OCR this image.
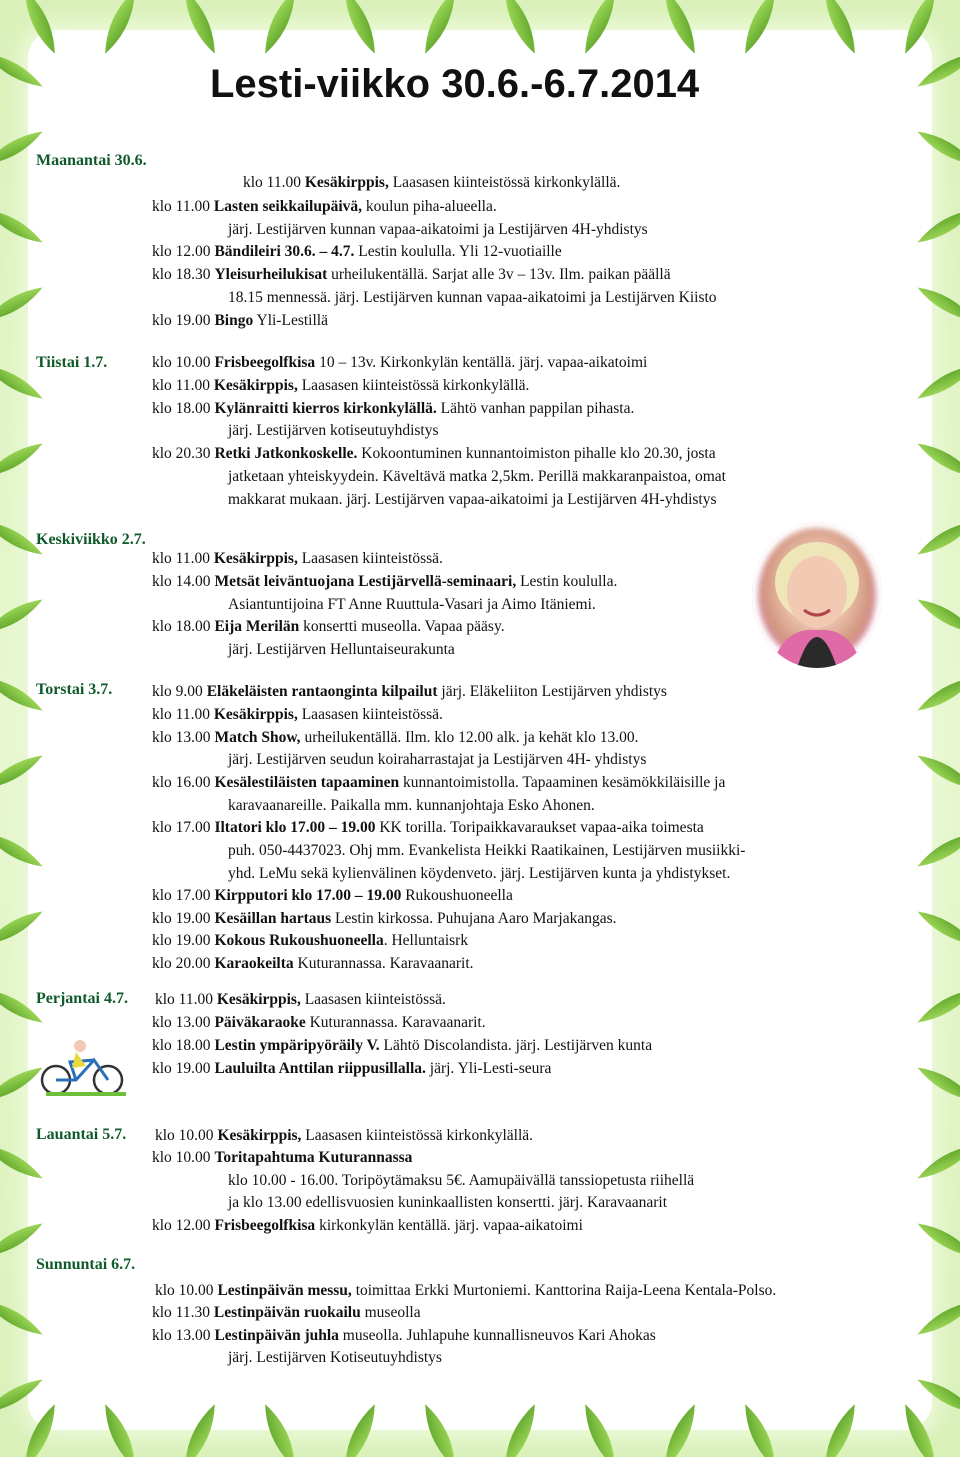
Lesti-viikko 30.6.-6.7.2014
Maanantai 30.6.
Tiistai 1.7.
Keskiviikko 2.7.
Torstai 3.7.
Perjantai 4.7.
Lauantai 5.7.
Sunnuntai 6.7.
klo 11.00 Kesäkirppis, Laasasen kiinteistössä kirkonkylällä.
klo 11.00 Lasten seikkailupäivä, koulun piha-alueella.
järj. Lestijärven kunnan vapaa-aikatoimi ja Lestijärven 4H-yhdistys
klo 12.00 Bändileiri 30.6. – 4.7. Lestin koululla. Yli 12-vuotiaille
klo 18.30 Yleisurheilukisat urheilukentällä. Sarjat alle 3v – 13v. Ilm. paikan päällä
18.15 mennessä. järj. Lestijärven kunnan vapaa-aikatoimi ja Lestijärven Kiisto
klo 19.00 Bingo Yli-Lestillä
klo 10.00 Frisbeegolfkisa 10 – 13v. Kirkonkylän kentällä. järj. vapaa-aikatoimi
klo 11.00 Kesäkirppis, Laasasen kiinteistössä kirkonkylällä.
klo 18.00 Kylänraitti kierros kirkonkylällä. Lähtö vanhan pappilan pihasta.
järj. Lestijärven kotiseutuyhdistys
klo 20.30 Retki Jatkonkoskelle. Kokoontuminen kunnantoimiston pihalle klo 20.30, josta
jatketaan yhteiskyydein. Käveltävä matka 2,5km. Perillä makkaranpaistoa, omat
makkarat mukaan. järj. Lestijärven vapaa-aikatoimi ja Lestijärven 4H-yhdistys
klo 11.00 Kesäkirppis, Laasasen kiinteistössä.
klo 14.00 Metsät leiväntuojana Lestijärvellä-seminaari, Lestin koululla.
Asiantuntijoina FT Anne Ruuttula-Vasari ja Aimo Itäniemi.
klo 18.00 Eija Merilän konsertti museolla. Vapaa pääsy.
järj. Lestijärven Helluntaiseurakunta
klo 9.00 Eläkeläisten rantaonginta kilpailut järj. Eläkeliiton Lestijärven yhdistys
klo 11.00 Kesäkirppis, Laasasen kiinteistössä.
klo 13.00 Match Show, urheilukentällä. Ilm. klo 12.00 alk. ja kehät klo 13.00.
järj. Lestijärven seudun koiraharrastajat ja Lestijärven 4H- yhdistys
klo 16.00 Kesälestiläisten tapaaminen kunnantoimistolla. Tapaaminen kesämökkiläisille ja
karavaanareille. Paikalla mm. kunnanjohtaja Esko Ahonen.
klo 17.00 Iltatori klo 17.00 – 19.00 KK torilla. Toripaikkavaraukset vapaa-aika toimesta
puh. 050-4437023. Ohj mm. Evankelista Heikki Raatikainen, Lestijärven musiikki-
yhd. LeMu sekä kylienvälinen köydenveto. järj. Lestijärven kunta ja yhdistykset.
klo 17.00 Kirpputori klo 17.00 – 19.00 Rukoushuoneella
klo 19.00 Kesäillan hartaus Lestin kirkossa. Puhujana Aaro Marjakangas.
klo 19.00 Kokous Rukoushuoneella. Helluntaisrk
klo 20.00 Karaokeilta Kuturannassa. Karavaanarit.
klo 11.00 Kesäkirppis, Laasasen kiinteistössä.
klo 13.00 Päiväkaraoke Kuturannassa. Karavaanarit.
klo 18.00 Lestin ympäripyöräily V. Lähtö Discolandista. järj. Lestijärven kunta
klo 19.00 Lauluilta Anttilan riippusillalla. järj. Yli-Lesti-seura
klo 10.00 Kesäkirppis, Laasasen kiinteistössä kirkonkylällä.
klo 10.00 Toritapahtuma Kuturannassa
klo 10.00 - 16.00. Toripöytämaksu 5€. Aamupäivällä tanssiopetusta riihellä
ja klo 13.00 edellisvuosien kuninkaallisten konsertti. järj. Karavaanarit
klo 12.00 Frisbeegolfkisa kirkonkylän kentällä. järj. vapaa-aikatoimi
klo 10.00 Lestinpäivän messu, toimittaa Erkki Murtoniemi. Kanttorina Raija-Leena Kentala-Polso.
klo 11.30 Lestinpäivän ruokailu museolla
klo 13.00 Lestinpäivän juhla museolla. Juhlapuhe kunnallisneuvos Kari Ahokas
järj. Lestijärven Kotiseutuyhdistys
